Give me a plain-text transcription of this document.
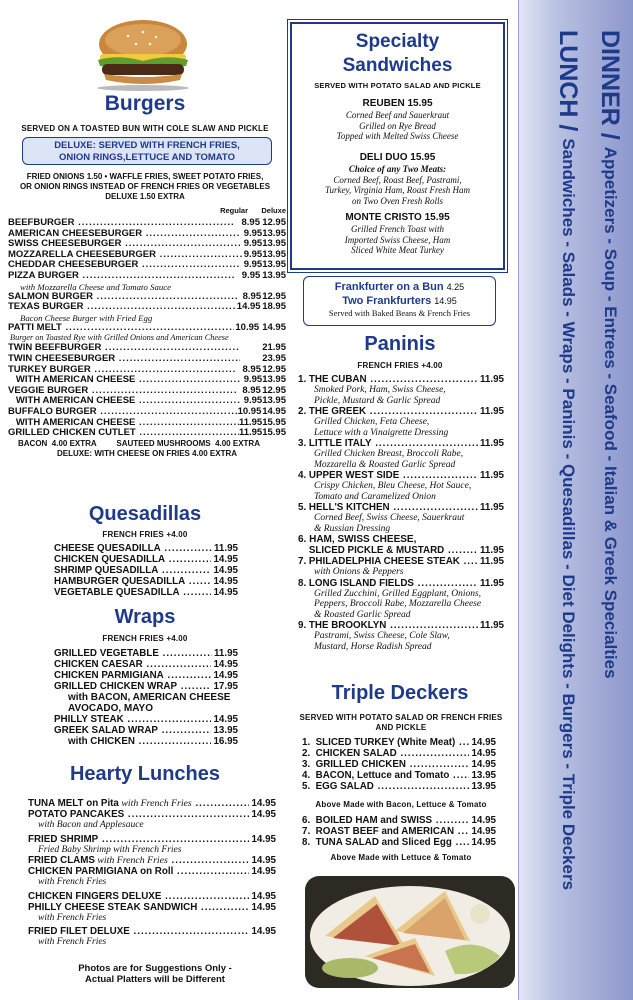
Burgers
SERVED ON A TOASTED BUN WITH COLE SLAW AND PICKLE
DELUXE: SERVED WITH FRENCH FRIES,
ONION RINGS,LETTUCE AND TOMATO
FRIED ONIONS 1.50 • WAFFLE FRIES, SWEET POTATO FRIES,
OR ONION RINGS INSTEAD OF FRENCH FRIES OR VEGETABLES
DELUXE 1.50 EXTRA
Regular	Deluxe
BEEFBURGER .....	8.95 12.95
AMERICAN CHEESEBURGER .....	9.95 13.95
SWISS CHEESEBURGER .....	9.95 13.95
MOZZARELLA CHEESEBURGER .....	9.95 13.95
CHEDDAR CHEESEBURGER .....	9.95 13.95
PIZZA BURGER .....	9.95 13.95
with Mozzarella Cheese and Tomato Sauce
SALMON BURGER .....	8.95 12.95
TEXAS BURGER .....	14.95 18.95
Bacon Cheese Burger with Fried Egg
PATTI MELT .....	10.95 14.95
Burger on Toasted Rye with Grilled Onions and American Cheese
TWIN BEEFBURGER .....	21.95
TWIN CHEESEBURGER .....	23.95
TURKEY BURGER .....	8.95 12.95
WITH AMERICAN CHEESE .....	9.95 13.95
VEGGIE BURGER .....	8.95 12.95
WITH AMERICAN CHEESE .....	9.95 13.95
BUFFALO BURGER .....	10.95 14.95
WITH AMERICAN CHEESE .....	11.95 15.95
GRILLED CHICKEN CUTLET .....	11.95 15.95
BACON  4.00 EXTRA         SAUTEED MUSHROOMS  4.00 EXTRA
DELUXE: WITH CHEESE ON FRIES 4.00 EXTRA
Quesadillas
FRENCH FRIES +4.00
CHEESE QUESADILLA .....	11.95
CHICKEN QUESADILLA .....	14.95
SHRIMP QUESADILLA .....	14.95
HAMBURGER QUESADILLA .....	14.95
VEGETABLE QUESADILLA .....	14.95
Wraps
FRENCH FRIES +4.00
GRILLED VEGETABLE .....	11.95
CHICKEN CAESAR .....	14.95
CHICKEN PARMIGIANA .....	14.95
GRILLED CHICKEN WRAP .....	17.95
with BACON, AMERICAN CHEESE
AVOCADO, MAYO
PHILLY STEAK .....	14.95
GREEK SALAD WRAP .....	13.95
with CHICKEN .....	16.95
Hearty Lunches
TUNA MELT on Pita with French Fries .....	14.95
POTATO PANCAKES .....	14.95
with Bacon and Applesauce
FRIED SHRIMP .....	14.95
Fried Baby Shrimp with French Fries
FRIED CLAMS with French Fries .....	14.95
CHICKEN PARMIGIANA on Roll .....	14.95
with French Fries
CHICKEN FINGERS DELUXE .....	14.95
PHILLY CHEESE STEAK SANDWICH .....	14.95
with French Fries
FRIED FILET DELUXE .....	14.95
with French Fries
Photos are for Suggestions Only -
Actual Platters will be Different
Specialty
Sandwiches
SERVED WITH POTATO SALAD AND PICKLE
REUBEN 15.95
Corned Beef and Sauerkraut
Grilled on Rye Bread
Topped with Melted Swiss Cheese
DELI DUO 15.95
Choice of any Two Meats:
Corned Beef, Roast Beef, Pastrami,
Turkey, Virginia Ham, Roast Fresh Ham
on Two Oven Fresh Rolls
MONTE CRISTO 15.95
Grilled French Toast with
Imported Swiss Cheese, Ham
Sliced White Meat Turkey
Frankfurter on a Bun 4.25
Two Frankfurters 14.95
Served with Baked Beans & French Fries
Paninis
FRENCH FRIES +4.00
1. THE CUBAN .....	11.95
Smoked Pork, Ham, Swiss Cheese,
Pickle, Mustard & Garlic Spread
2. THE GREEK .....	11.95
Grilled Chicken, Feta Cheese,
Lettuce with a Vinaigrette Dressing
3. LITTLE ITALY .....	11.95
Grilled Chicken Breast, Broccoli Rabe,
Mozzarella & Roasted Garlic Spread
4. UPPER WEST SIDE .....	11.95
Crispy Chicken, Bleu Cheese, Hot Sauce,
Tomato and Caramelized Onion
5. HELL'S KITCHEN .....	11.95
Corned Beef, Swiss Cheese, Sauerkraut
& Russian Dressing
6. HAM, SWISS CHEESE,
SLICED PICKLE & MUSTARD .....	11.95
7. PHILADELPHIA CHEESE STEAK .....	11.95
with Onions & Peppers
8. LONG ISLAND FIELDS .....	11.95
Grilled Zucchini, Grilled Eggplant, Onions,
Peppers, Broccoli Rabe, Mozzarella Cheese
& Roasted Garlic Spread
9. THE BROOKLYN .....	11.95
Pastrami, Swiss Cheese, Cole Slaw,
Mustard, Horse Radish Spread
Triple Deckers
SERVED WITH POTATO SALAD OR FRENCH FRIES
AND PICKLE
1.  SLICED TURKEY (White Meat) .....	14.95
2.  CHICKEN SALAD .....	14.95
3.  GRILLED CHICKEN .....	14.95
4.  BACON, Lettuce and Tomato .....	13.95
5.  EGG SALAD .....	13.95
Above Made with Bacon, Lettuce & Tomato
6.  BOILED HAM and SWISS .....	14.95
7.  ROAST BEEF and AMERICAN .....	14.95
8.  TUNA SALAD and Sliced Egg .....	14.95
Above Made with Lettuce & Tomato
DINNER / Appetizers - Soup - Entrees - Seafood - Italian & Greek Specialties
LUNCH / Sandwiches - Salads - Wraps - Paninis - Quesadillas - Diet Delights - Burgers - Triple Deckers
